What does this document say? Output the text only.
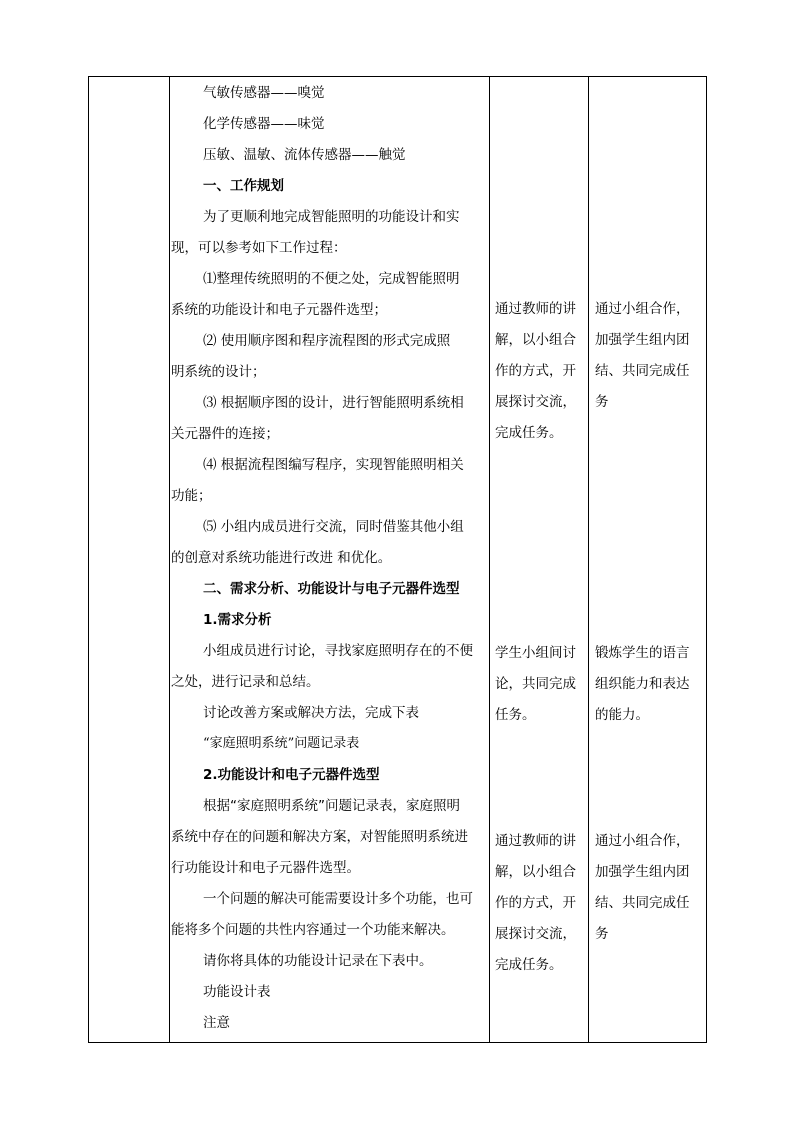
气敏传感器——嗅觉
化学传感器——味觉
压敏、温敏、流体传感器——触觉
一、工作规划
为了更顺利地完成智能照明的功能设计和实
现，可以参考如下工作过程：
⑴整理传统照明的不便之处，完成智能照明
系统的功能设计和电子元器件选型；
⑵ 使用顺序图和程序流程图的形式完成照
明系统的设计；
⑶ 根据顺序图的设计，进行智能照明系统相
关元器件的连接；
⑷ 根据流程图编写程序，实现智能照明相关
功能；
⑸ 小组内成员进行交流，同时借鉴其他小组
的创意对系统功能进行改进 和优化。
二、需求分析、功能设计与电子元器件选型
1.需求分析
小组成员进行讨论，寻找家庭照明存在的不便
之处，进行记录和总结。
讨论改善方案或解决方法，完成下表
“家庭照明系统”问题记录表
2.功能设计和电子元器件选型
根据“家庭照明系统”问题记录表，家庭照明
系统中存在的问题和解决方案，对智能照明系统进
行功能设计和电子元器件选型。
一个问题的解决可能需要设计多个功能，也可
能将多个问题的共性内容通过一个功能来解决。
请你将具体的功能设计记录在下表中。
功能设计表
注意
通过教师的讲
解，以小组合
作的方式，开
展探讨交流，
完成任务。
学生小组间讨
论，共同完成
任务。
通过教师的讲
解，以小组合
作的方式，开
展探讨交流，
完成任务。
通过小组合作，
加强学生组内团
结、共同完成任
务
锻炼学生的语言
组织能力和表达
的能力。
通过小组合作，
加强学生组内团
结、共同完成任
务
